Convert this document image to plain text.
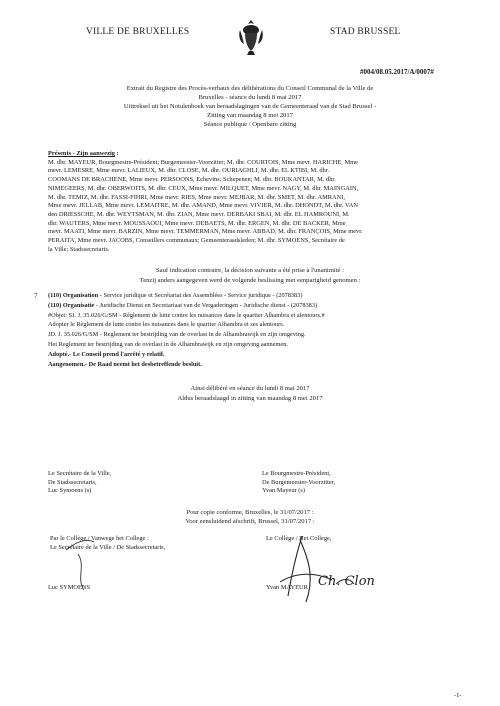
VILLE DE BRUXELLES	STAD BRUSSEL
#004/08.05.2017/A/0007#
Extrait du Registre des Procès-verbaux des délibérations du Conseil Communal de la Ville de
Bruxelles - séance du lundi 8 mai 2017
Uittreksel uit het Notulenboek van beraadslagingen van de Gemeenteraad van de Stad Brussel -
Zitting van maandag 8 mei 2017
Séance publique / Openbare zitting
Présents - Zijn aanwezig :
M. dhr. MAYEUR, Bourgmestre-Président; Burgemeester-Voorzitter; M. dhr. COURTOIS, Mme mevr. HARICHE, Mme
mevr. LEMESRE, Mme mevr. LALIEUX, M. dhr. CLOSE, M. dhr. OURIAGHLI, M. dhr. EL KTIBI, M. dhr.
COOMANS DE BRACHENE, Mme mevr. PERSOONS, Echevins; Schepenen; M. dhr. BOUKANTAR, M. dhr.
NIMEGEERS, M. dhr. OBERWOITS, M. dhr. CEUX, Mme mevr. MILQUET, Mme mevr. NAGY, M. dhr. MAINGAIN,
M. dhr. TEMIZ, M. dhr. FASSI-FIHRI, Mme mevr. RIES, Mme mevr. MEJBAR, M. dhr. SMET, M. dhr. AMRANI,
Mme mevr. JELLAB, Mme mevr. LEMAITRE, M. dhr. AMAND, Mme mevr. VIVIER, M. dhr. DHONDT, M. dhr. VAN
den DRIESSCHE, M. dhr. WEYTSMAN, M. dhr. ZIAN, Mme mevr. DERBAKI SBAI, M. dhr. EL HAMROUNI, M.
dhr. WAUTERS, Mme mevr. MOUSSAOUI, Mme mevr. DEBAETS, M. dhr. ERGEN, M. dhr. DE BACKER, Mme
mevr. MAATI, Mme mevr. BARZIN, Mme mevr. TEMMERMAN, Mme mevr. ABBAD, M. dhr. FRANÇOIS, Mme mevr.
PERAITA, Mme mevr. JACOBS, Conseillers communaux; Gemeenteraadsleden; M. dhr. SYMOENS, Secrétaire de
la Ville; Stadssecretaris.
Sauf indication contraire, la décision suivante a été prise à l'unanimité :
Tenzij anders aangegeven werd de volgende beslissing met eenparigheid genomen :
7 (110) Organisation - Service juridique et Secrétariat des Assemblées - Service juridique - (2078383)
(110) Organisatie - Juridische Dienst en Secretariaat van de Vergaderingen - Juridische dienst - (2078383)
#Objet: SJ. J. 35.026/G/SM - Règlement de lutte contre les nuisances dans le quartier Alhambra et alentours.#
Adopter le Règlement de lutte contre les nuisances dans le quartier Alhambra et ses alentours.
JD. J. 35.026/G/SM - Reglement ter bestrijding van de overlast in de Alhambrawijk en zijn omgeving.
Het Reglement ter bestrijding van de overlast in de Alhambrawijk en zijn omgeving aannemen.
Adopté.- Le Conseil prend l'arrêté y relatif.
Aangenomen.- De Raad neemt het desbetreffende besluit.
Ainsi délibéré en séance du lundi 8 mai 2017
Aldus beraadslaagd in zitting van maandag 8 mei 2017
Le Secrétaire de la Ville,
De Stadssecretaris,
Luc Symoens (s)
Le Bourgmestre-Président,
De Burgemeester-Voorzitter,
Yvan Mayeur (s)
Pour copie conforme, Bruxelles, le 31/07/2017 :
Voor eensluidend afschrift, Brussel, 31/07/2017 :
Par le Collège / Vanwege het College :
Le Secrétaire de la Ville / De Stadssecretaris,
Le Collège / Het College,
Luc SYMOENS	Yvan MAYEUR Ch. Clon
-1-
